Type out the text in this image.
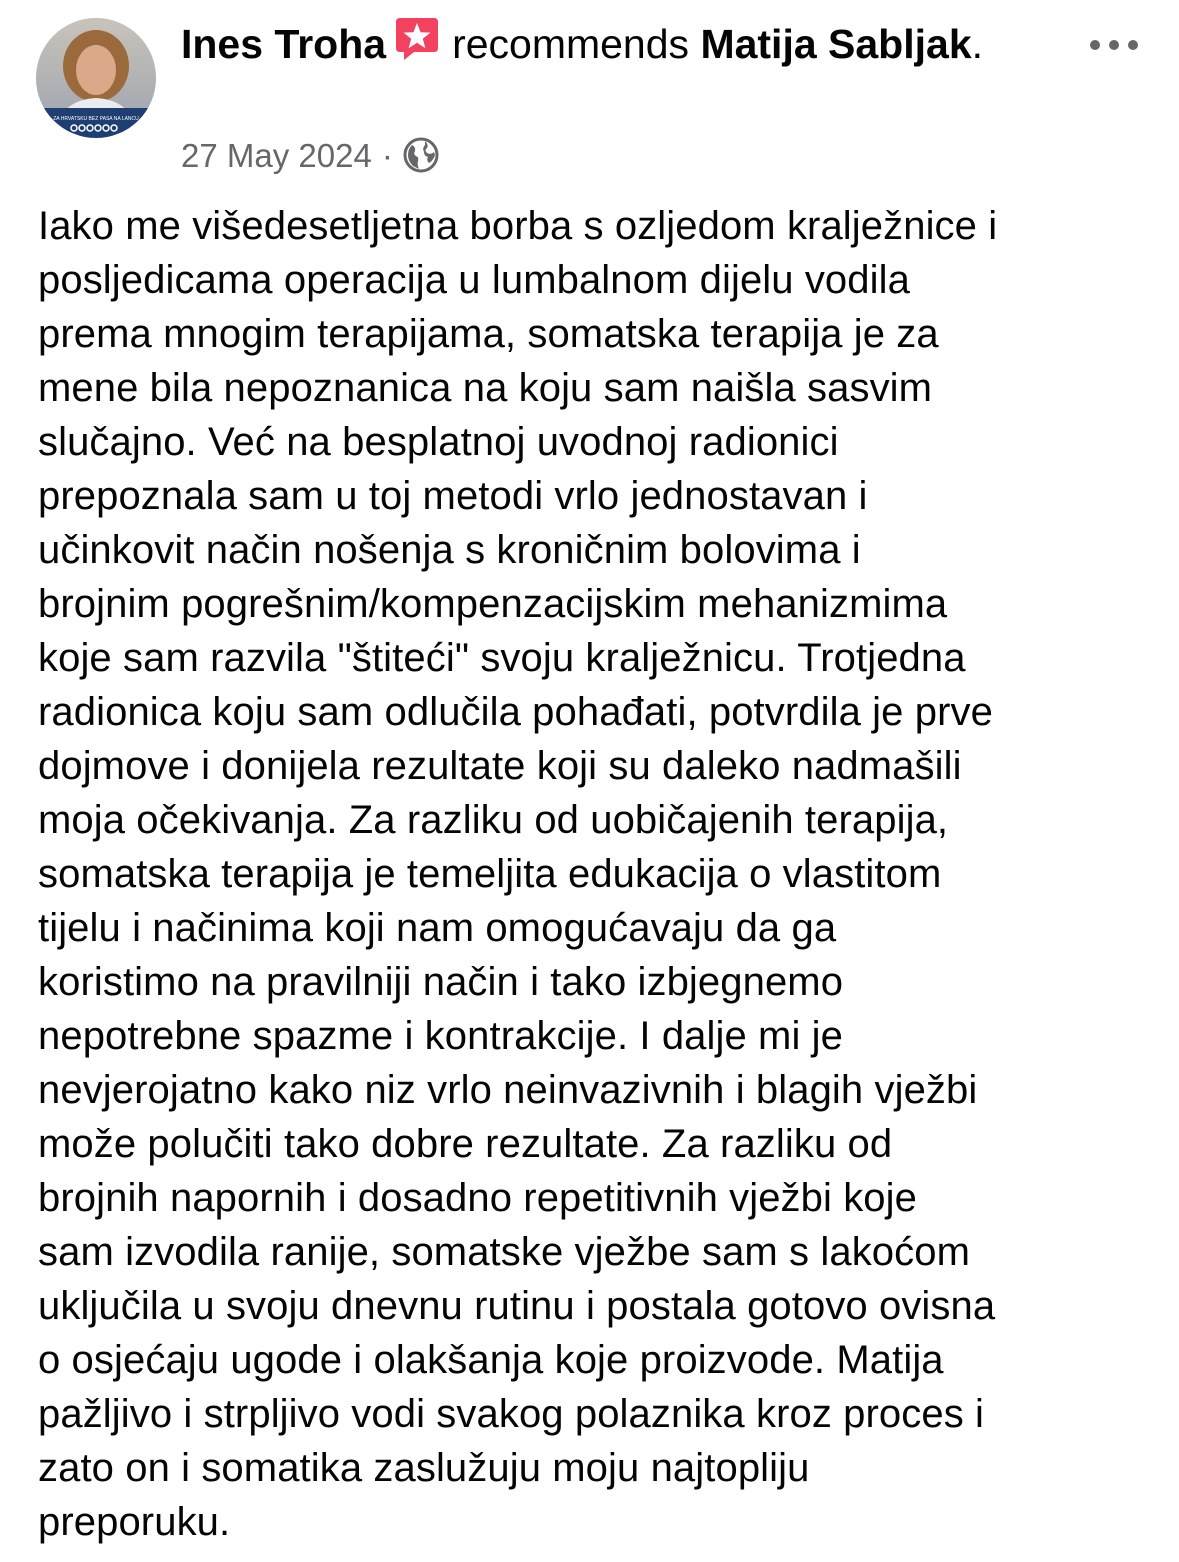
ZA HRVATSKU BEZ PASA NA LANCU
Ines Troha recommends Matija Sabljak.
27 May 2024 ·
Iako me višedesetljetna borba s ozljedom kralježnice i
posljedicama operacija u lumbalnom dijelu vodila
prema mnogim terapijama, somatska terapija je za
mene bila nepoznanica na koju sam naišla sasvim
slučajno. Već na besplatnoj uvodnoj radionici
prepoznala sam u toj metodi vrlo jednostavan i
učinkovit način nošenja s kroničnim bolovima i
brojnim pogrešnim/kompenzacijskim mehanizmima
koje sam razvila "štiteći" svoju kralježnicu. Trotjedna
radionica koju sam odlučila pohađati, potvrdila je prve
dojmove i donijela rezultate koji su daleko nadmašili
moja očekivanja. Za razliku od uobičajenih terapija,
somatska terapija je temeljita edukacija o vlastitom
tijelu i načinima koji nam omogućavaju da ga
koristimo na pravilniji način i tako izbjegnemo
nepotrebne spazme i kontrakcije. I dalje mi je
nevjerojatno kako niz vrlo neinvazivnih i blagih vježbi
može polučiti tako dobre rezultate. Za razliku od
brojnih napornih i dosadno repetitivnih vježbi koje
sam izvodila ranije, somatske vježbe sam s lakoćom
uključila u svoju dnevnu rutinu i postala gotovo ovisna
o osjećaju ugode i olakšanja koje proizvode. Matija
pažljivo i strpljivo vodi svakog polaznika kroz proces i
zato on i somatika zaslužuju moju najtopliju
preporuku.
